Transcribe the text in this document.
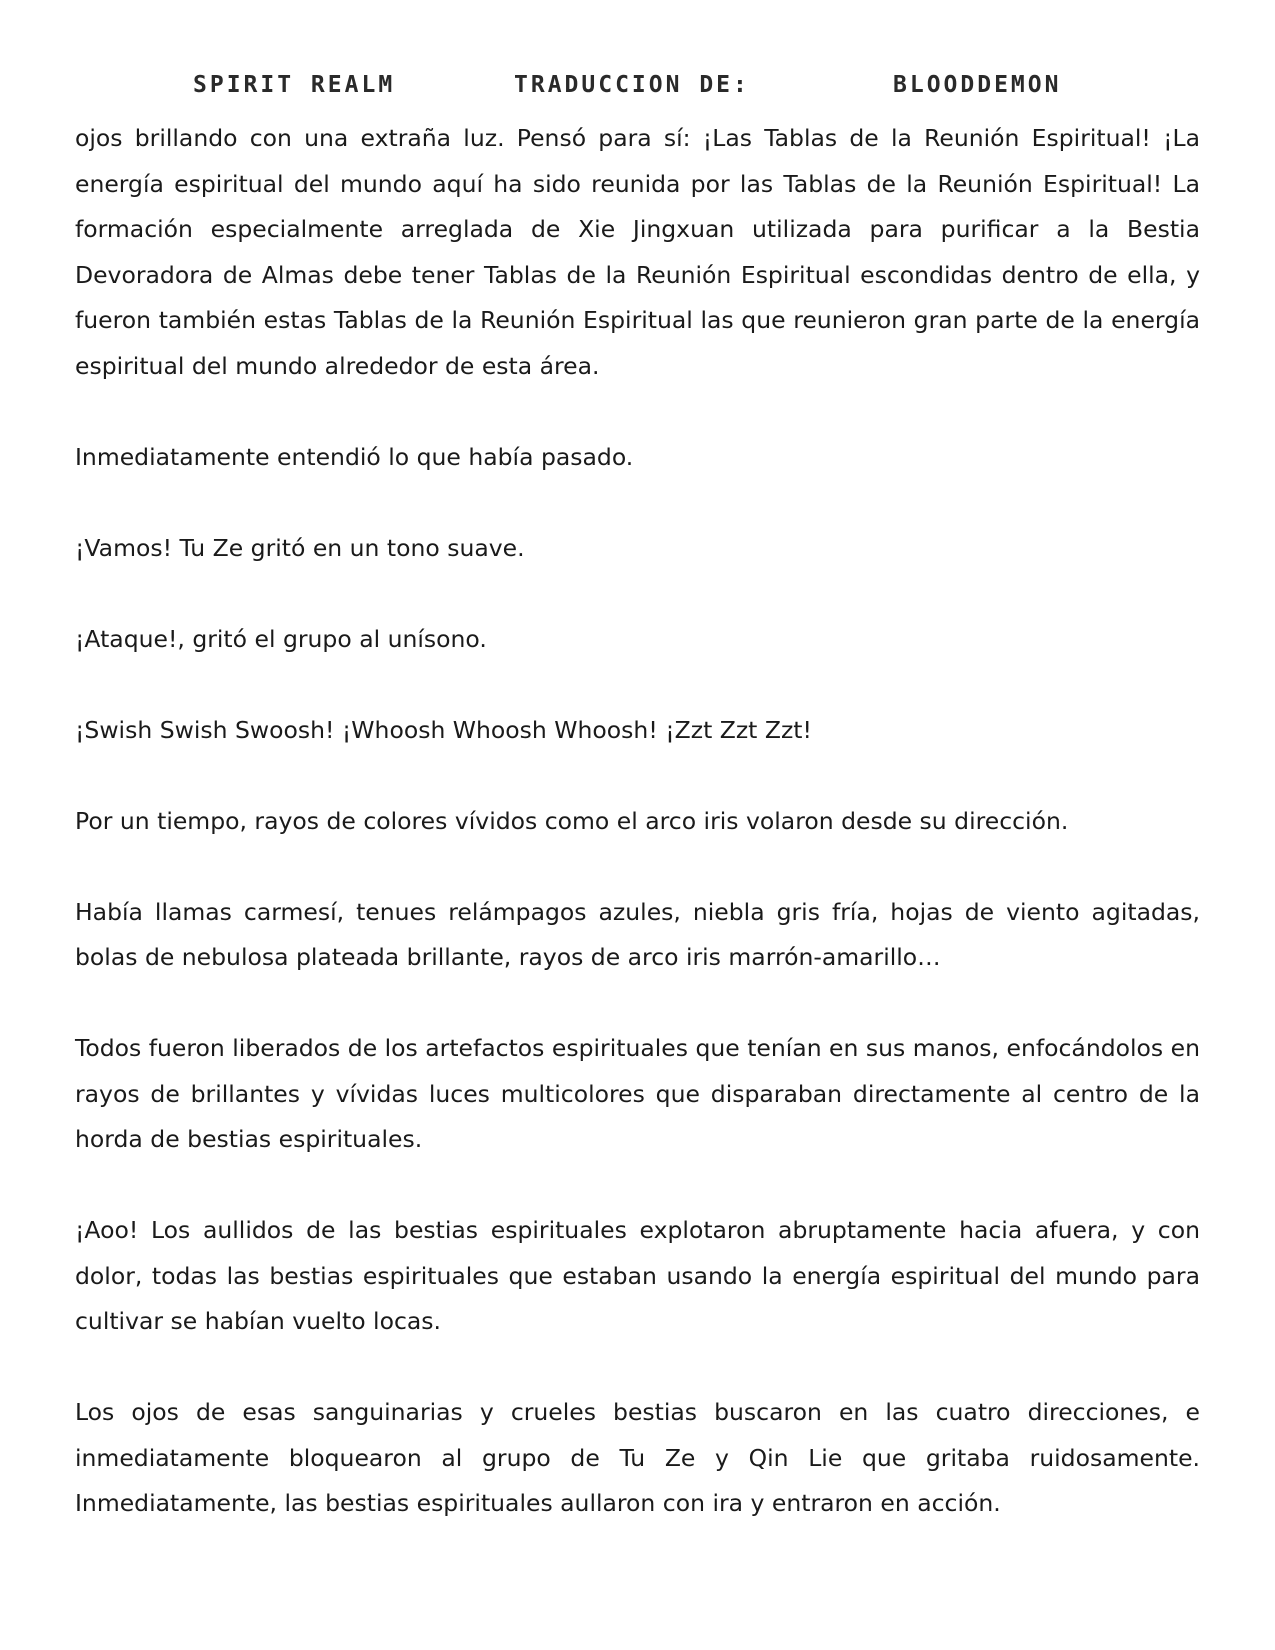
SPIRIT REALM	TRADUCCION DE:	BLOODDEMON

ojos brillando con una extraña luz. Pensó para sí: ¡Las Tablas de la Reunión Espiritual! ¡La energía espiritual del mundo aquí ha sido reunida por las Tablas de la Reunión Espiritual! La formación especialmente arreglada de Xie Jingxuan utilizada para purificar a la Bestia Devoradora de Almas debe tener Tablas de la Reunión Espiritual escondidas dentro de ella, y fueron también estas Tablas de la Reunión Espiritual las que reunieron gran parte de la energía espiritual del mundo alrededor de esta área.

Inmediatamente entendió lo que había pasado.

¡Vamos! Tu Ze gritó en un tono suave.

¡Ataque!, gritó el grupo al unísono.

¡Swish Swish Swoosh! ¡Whoosh Whoosh Whoosh! ¡Zzt Zzt Zzt!

Por un tiempo, rayos de colores vívidos como el arco iris volaron desde su dirección.

Había llamas carmesí, tenues relámpagos azules, niebla gris fría, hojas de viento agitadas, bolas de nebulosa plateada brillante, rayos de arco iris marrón-amarillo…

Todos fueron liberados de los artefactos espirituales que tenían en sus manos, enfocándolos en rayos de brillantes y vívidas luces multicolores que disparaban directamente al centro de la horda de bestias espirituales.

¡Aoo! Los aullidos de las bestias espirituales explotaron abruptamente hacia afuera, y con dolor, todas las bestias espirituales que estaban usando la energía espiritual del mundo para cultivar se habían vuelto locas.

Los ojos de esas sanguinarias y crueles bestias buscaron en las cuatro direcciones, e inmediatamente bloquearon al grupo de Tu Ze y Qin Lie que gritaba ruidosamente. Inmediatamente, las bestias espirituales aullaron con ira y entraron en acción.
